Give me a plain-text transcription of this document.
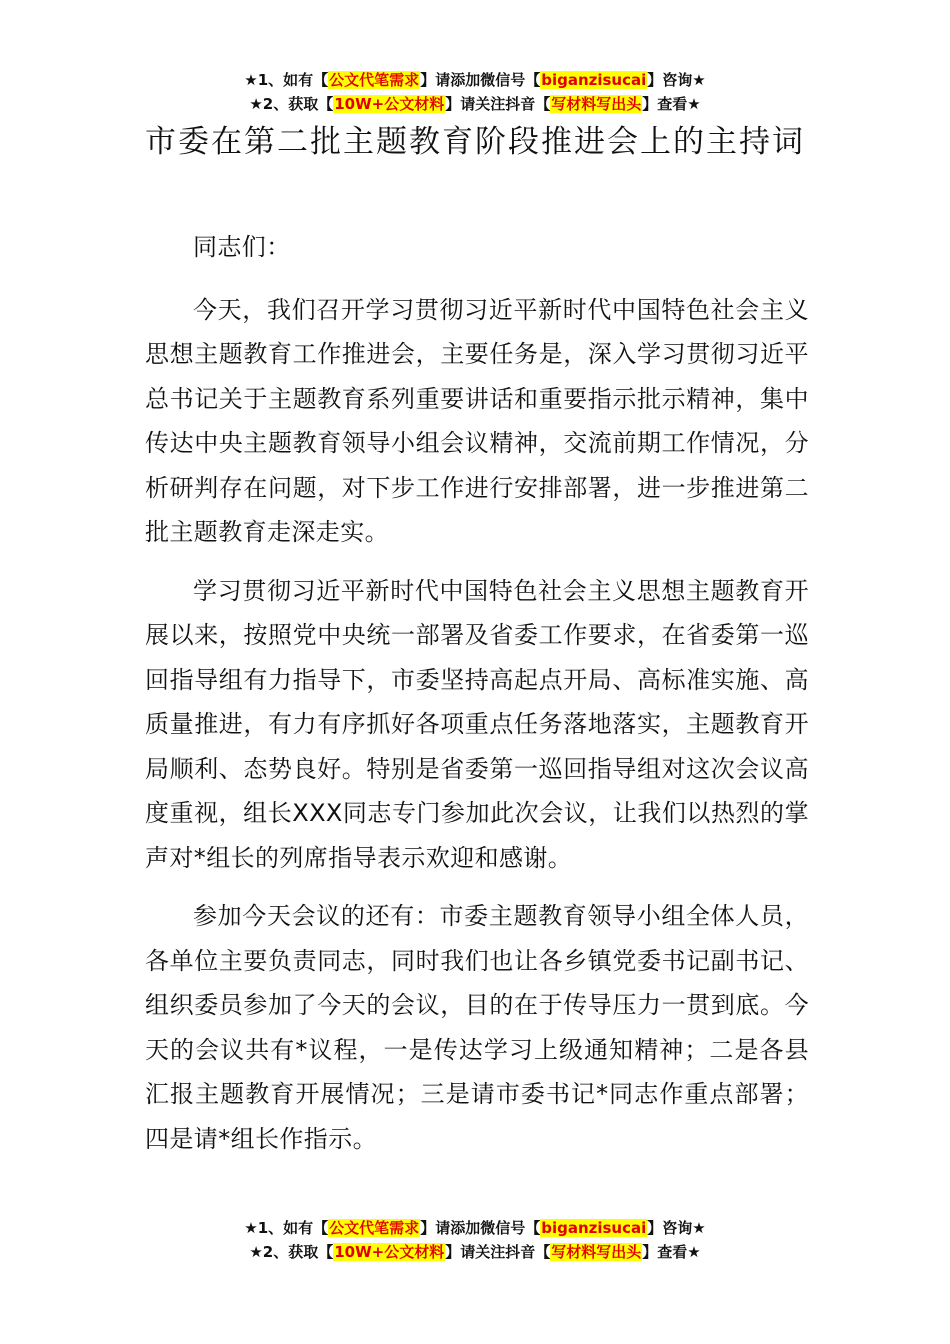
★1、如有【公文代笔需求】请添加微信号【biganzisucai】咨询★
★2、获取【10W+公文材料】请关注抖音【写材料写出头】查看★
市委在第二批主题教育阶段推进会上的主持词

同志们：

今天，我们召开学习贯彻习近平新时代中国特色社会主义思想主题教育工作推进会，主要任务是，深入学习贯彻习近平总书记关于主题教育系列重要讲话和重要指示批示精神，集中传达中央主题教育领导小组会议精神，交流前期工作情况，分析研判存在问题，对下步工作进行安排部署，进一步推进第二批主题教育走深走实。

学习贯彻习近平新时代中国特色社会主义思想主题教育开展以来，按照党中央统一部署及省委工作要求，在省委第一巡回指导组有力指导下，市委坚持高起点开局、高标准实施、高质量推进，有力有序抓好各项重点任务落地落实，主题教育开局顺利、态势良好。特别是省委第一巡回指导组对这次会议高度重视，组长XXX同志专门参加此次会议，让我们以热烈的掌声对*组长的列席指导表示欢迎和感谢。

参加今天会议的还有：市委主题教育领导小组全体人员，各单位主要负责同志，同时我们也让各乡镇党委书记副书记、组织委员参加了今天的会议，目的在于传导压力一贯到底。今天的会议共有*议程，一是传达学习上级通知精神；二是各县汇报主题教育开展情况；三是请市委书记*同志作重点部署；四是请*组长作指示。

★1、如有【公文代笔需求】请添加微信号【biganzisucai】咨询★
★2、获取【10W+公文材料】请关注抖音【写材料写出头】查看★
